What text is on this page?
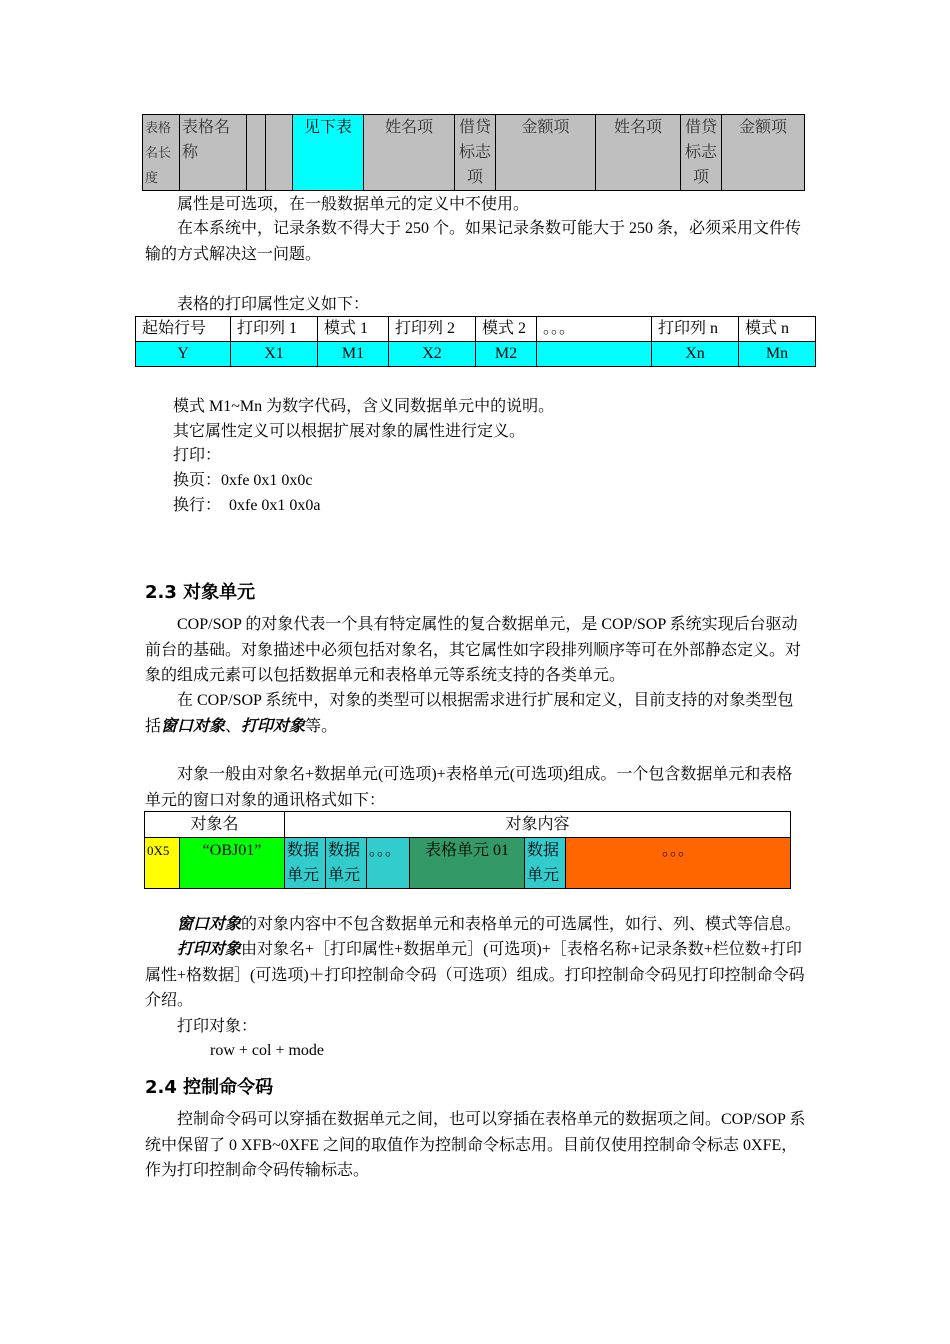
表格名长度	表格名称			见下表	姓名项	借贷标志项	金额项	姓名项	借贷标志项	金额项
属性是可选项，在一般数据单元的定义中不使用。
在本系统中，记录条数不得大于 250 个。如果记录条数可能大于 250 条，必须采用文件传输的方式解决这一问题。
表格的打印属性定义如下：
起始行号	打印列 1	模式 1	打印列 2	模式 2	。。。	打印列 n	模式 n
Y	X1	M1	X2	M2		Xn	Mn
模式 M1~Mn 为数字代码，含义同数据单元中的说明。
其它属性定义可以根据扩展对象的属性进行定义。
打印：
换页：0xfe 0x1 0x0c
换行：  0xfe 0x1 0x0a
2.3 对象单元
COP/SOP 的对象代表一个具有特定属性的复合数据单元，是 COP/SOP 系统实现后台驱动前台的基础。对象描述中必须包括对象名，其它属性如字段排列顺序等可在外部静态定义。对象的组成元素可以包括数据单元和表格单元等系统支持的各类单元。
在 COP/SOP 系统中，对象的类型可以根据需求进行扩展和定义，目前支持的对象类型包括窗口对象、打印对象等。
对象一般由对象名+数据单元(可选项)+表格单元(可选项)组成。一个包含数据单元和表格单元的窗口对象的通讯格式如下：
对象名		对象内容					
0X5	“OBJ01”	数据单元	数据单元	。。。	表格单元 01	数据单元	。。。
窗口对象的对象内容中不包含数据单元和表格单元的可选属性，如行、列、模式等信息。
打印对象由对象名+［打印属性+数据单元］(可选项)+［表格名称+记录条数+栏位数+打印属性+格数据］(可选项)＋打印控制命令码（可选项）组成。打印控制命令码见打印控制命令码介绍。
打印对象：
row + col + mode
2.4 控制命令码
控制命令码可以穿插在数据单元之间，也可以穿插在表格单元的数据项之间。COP/SOP 系统中保留了 0 XFB~0XFE 之间的取值作为控制命令标志用。目前仅使用控制命令标志 0XFE，作为打印控制命令码传输标志。
